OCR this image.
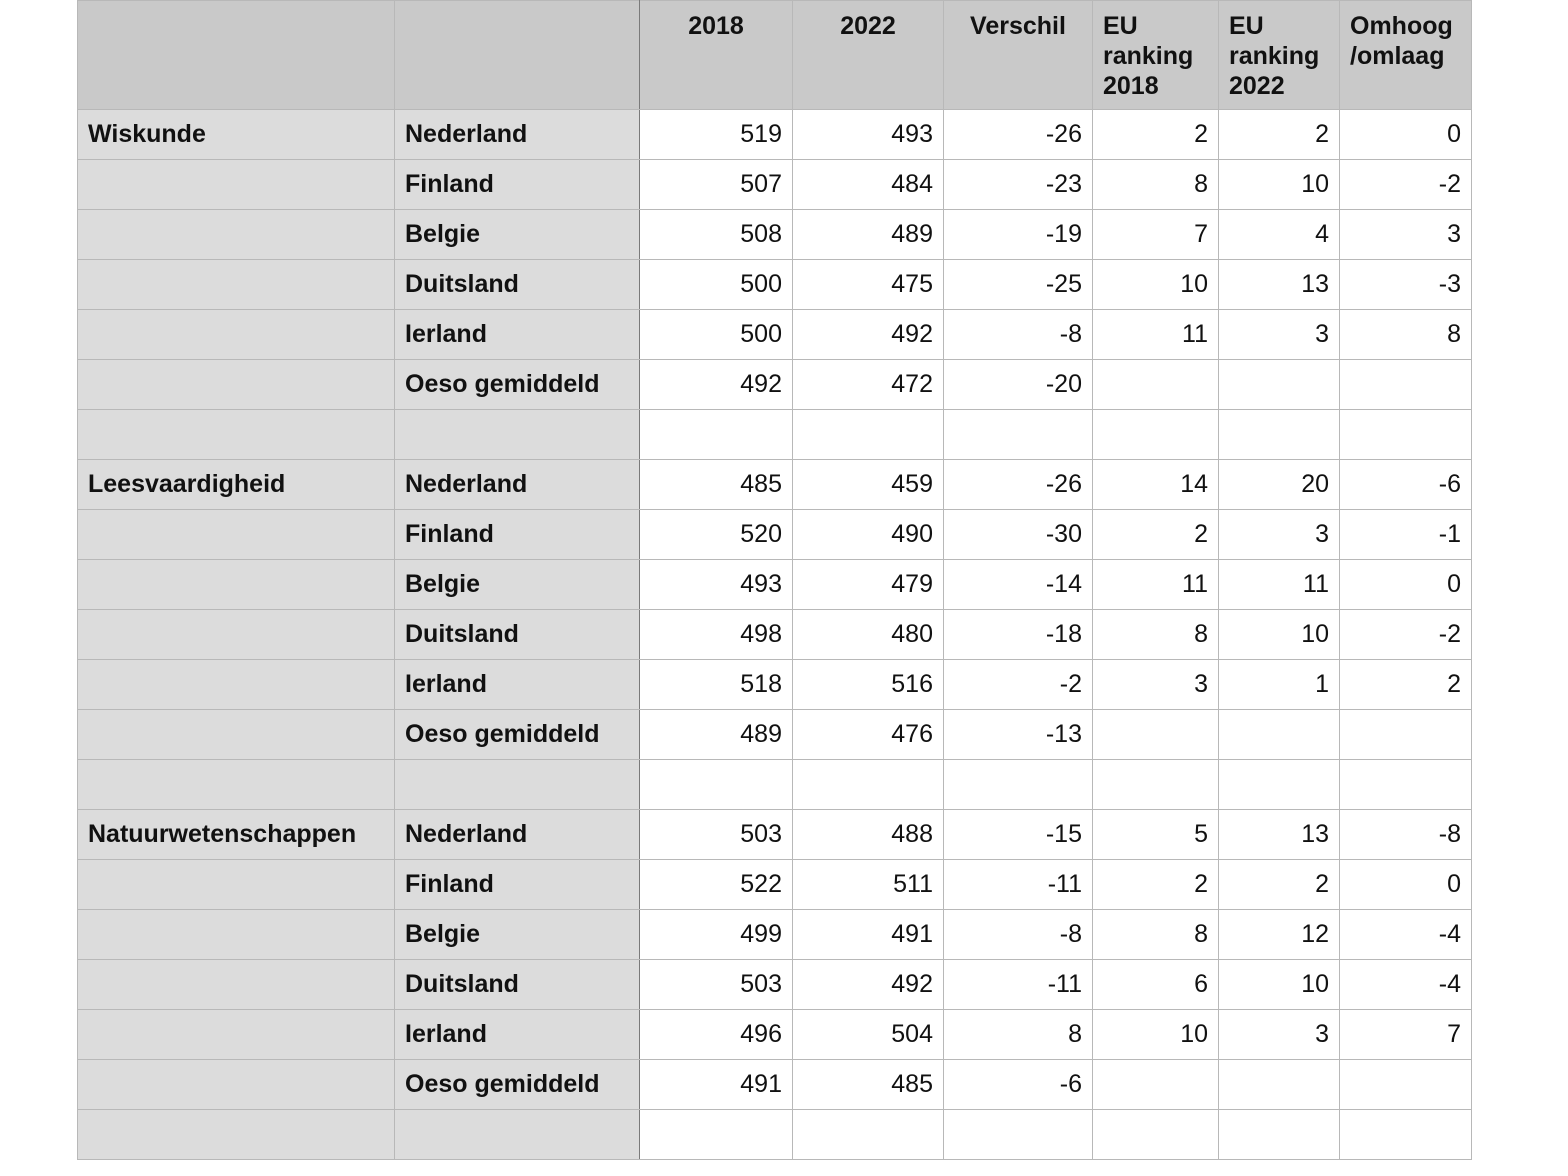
		2018	2022	Verschil	EU ranking 2018	EU ranking 2022	Omhoog /omlaag
Wiskunde	Nederland	519	493	-26	2	2	0
	Finland	507	484	-23	8	10	-2
	Belgie	508	489	-19	7	4	3
	Duitsland	500	475	-25	10	13	-3
	Ierland	500	492	-8	11	3	8
	Oeso gemiddeld	492	472	-20			

Leesvaardigheid	Nederland	485	459	-26	14	20	-6
	Finland	520	490	-30	2	3	-1
	Belgie	493	479	-14	11	11	0
	Duitsland	498	480	-18	8	10	-2
	Ierland	518	516	-2	3	1	2
	Oeso gemiddeld	489	476	-13			

Natuurwetenschappen	Nederland	503	488	-15	5	13	-8
	Finland	522	511	-11	2	2	0
	Belgie	499	491	-8	8	12	-4
	Duitsland	503	492	-11	6	10	-4
	Ierland	496	504	8	10	3	7
	Oeso gemiddeld	491	485	-6			
